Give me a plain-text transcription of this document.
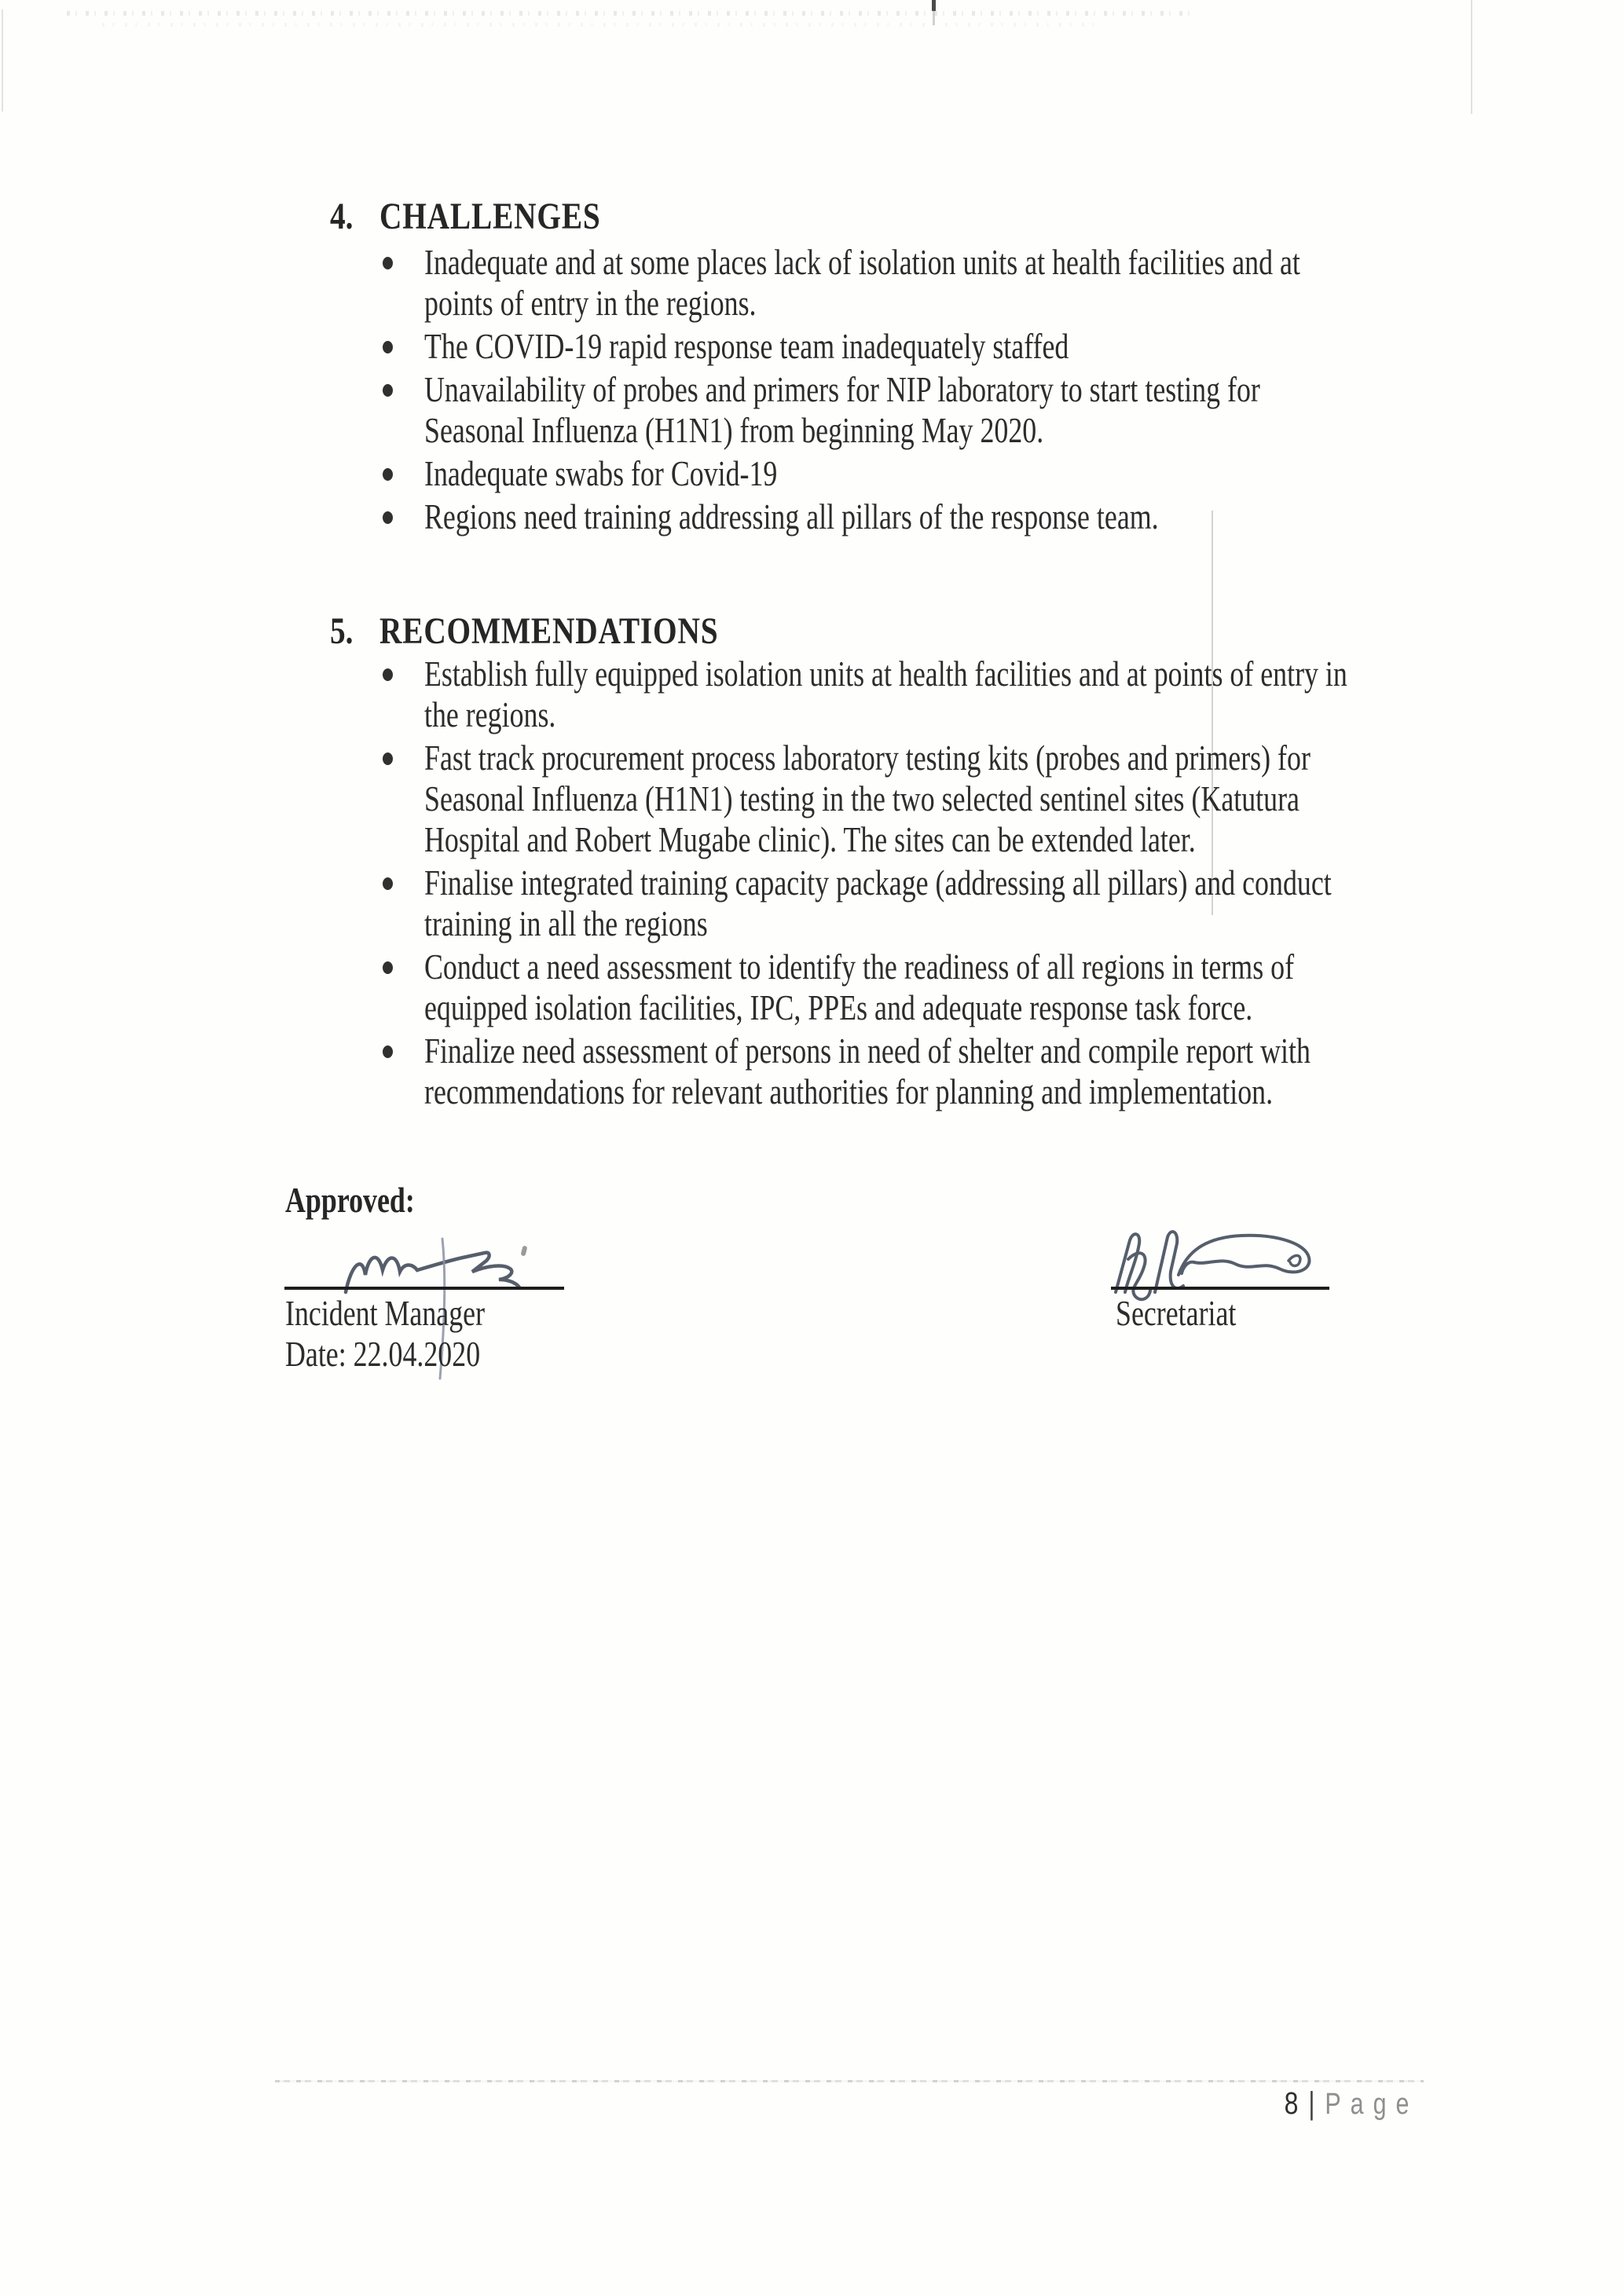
4. CHALLENGES
Inadequate and at some places lack of isolation units at health facilities and at
points of entry in the regions.
The COVID-19 rapid response team inadequately staffed
Unavailability of probes and primers for NIP laboratory to start testing for
Seasonal Influenza (H1N1) from beginning May 2020.
Inadequate swabs for Covid-19
Regions need training addressing all pillars of the response team.
5. RECOMMENDATIONS
Establish fully equipped isolation units at health facilities and at points of entry in
the regions.
Fast track procurement process laboratory testing kits (probes and primers) for
Seasonal Influenza (H1N1) testing in the two selected sentinel sites (Katutura
Hospital and Robert Mugabe clinic). The sites can be extended later.
Finalise integrated training capacity package (addressing all pillars) and conduct
training in all the regions
Conduct a need assessment to identify the readiness of all regions in terms of
equipped isolation facilities, IPC, PPEs and adequate response task force.
Finalize need assessment of persons in need of shelter and compile report with
recommendations for relevant authorities for planning and implementation.
Approved:
Incident Manager
Date: 22.04.2020
Secretariat
8 | Page
